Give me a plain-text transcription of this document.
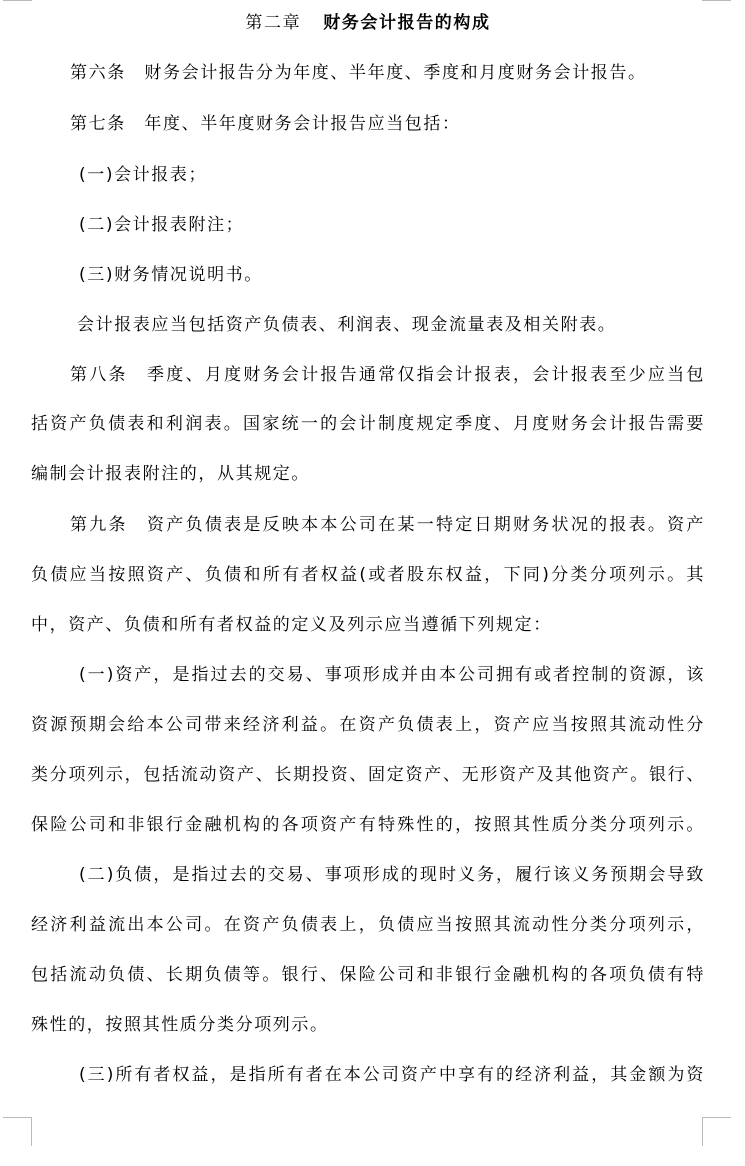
第二章 财务会计报告的构成
第六条　财务会计报告分为年度、半年度、季度和月度财务会计报告。
第七条　年度、半年度财务会计报告应当包括：
(一)会计报表；
(二)会计报表附注；
(三)财务情况说明书。
会计报表应当包括资产负债表、利润表、现金流量表及相关附表。
第八条　季度、月度财务会计报告通常仅指会计报表，会计报表至少应当包
括资产负债表和利润表。国家统一的会计制度规定季度、月度财务会计报告需要
编制会计报表附注的，从其规定。
第九条　资产负债表是反映本本公司在某一特定日期财务状况的报表。资产
负债应当按照资产、负债和所有者权益(或者股东权益，下同)分类分项列示。其
中，资产、负债和所有者权益的定义及列示应当遵循下列规定：
(一)资产，是指过去的交易、事项形成并由本公司拥有或者控制的资源，该
资源预期会给本公司带来经济利益。在资产负债表上，资产应当按照其流动性分
类分项列示，包括流动资产、长期投资、固定资产、无形资产及其他资产。银行、
保险公司和非银行金融机构的各项资产有特殊性的，按照其性质分类分项列示。
(二)负债，是指过去的交易、事项形成的现时义务，履行该义务预期会导致
经济利益流出本公司。在资产负债表上，负债应当按照其流动性分类分项列示，
包括流动负债、长期负债等。银行、保险公司和非银行金融机构的各项负债有特
殊性的，按照其性质分类分项列示。
(三)所有者权益，是指所有者在本公司资产中享有的经济利益，其金额为资
